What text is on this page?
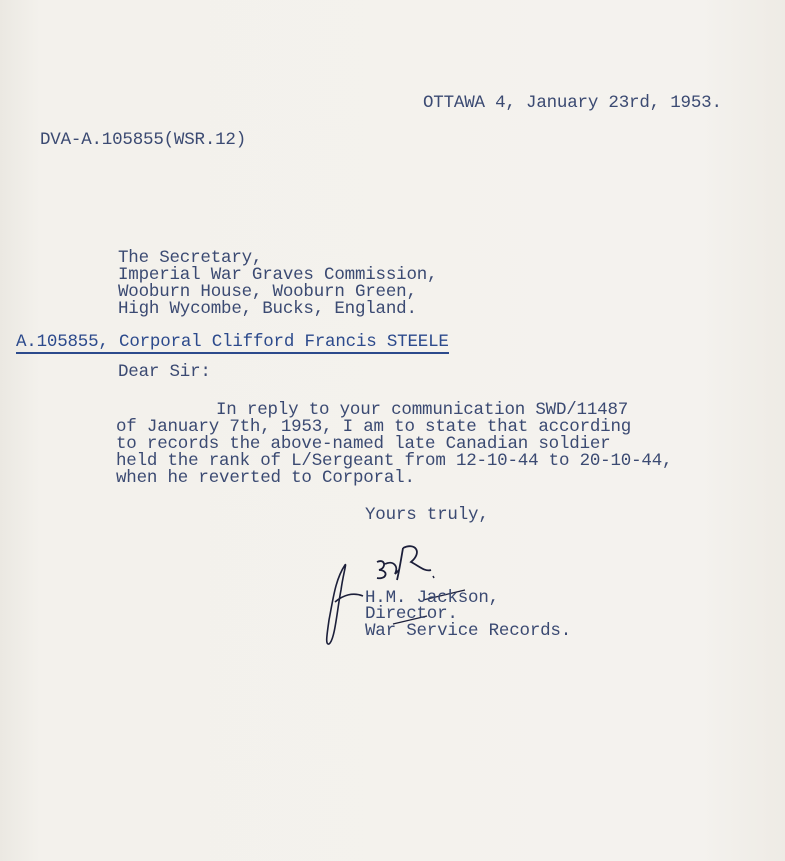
OTTAWA 4, January 23rd, 1953.
DVA-A.105855(WSR.12)
The Secretary,
Imperial War Graves Commission,
Wooburn House, Wooburn Green,
High Wycombe, Bucks, England.
A.105855, Corporal Clifford Francis STEELE
Dear Sir:
In reply to your communication SWD/11487
of January 7th, 1953, I am to state that according
to records the above-named late Canadian soldier
held the rank of L/Sergeant from 12-10-44 to 20-10-44,
when he reverted to Corporal.
Yours truly,
H.M. Jackson,
Director.
War Service Records.
